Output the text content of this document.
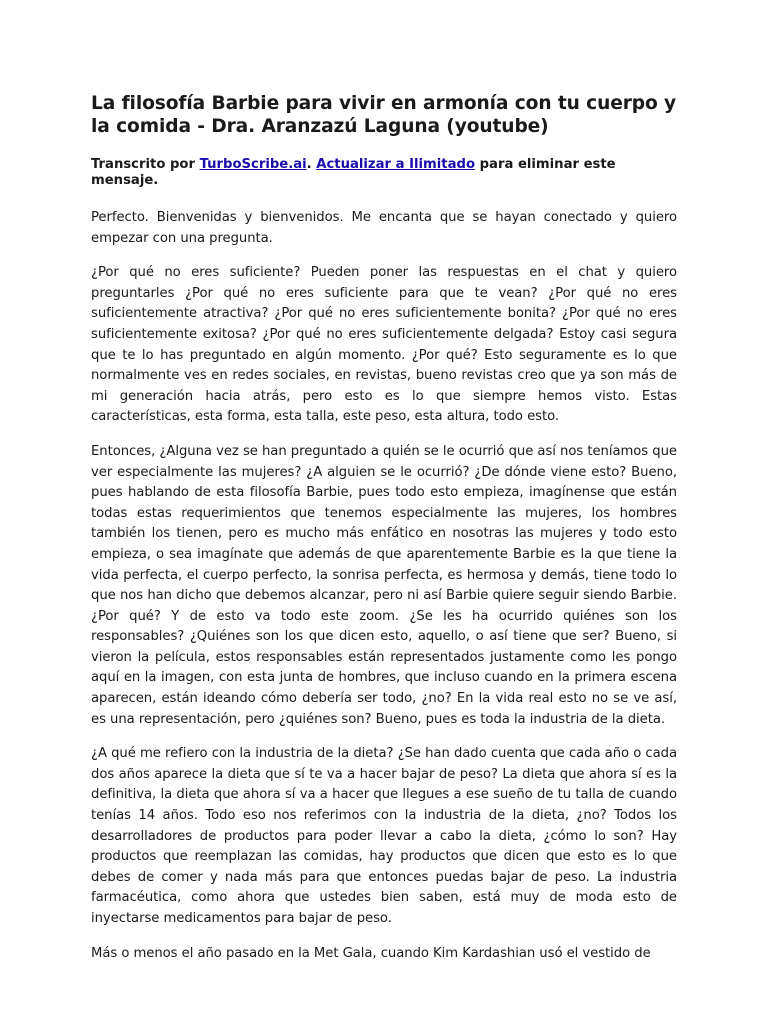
La filosofía Barbie para vivir en armonía con tu cuerpo y la comida - Dra. Aranzazú Laguna (youtube)
Transcrito por TurboScribe.ai. Actualizar a Ilimitado para eliminar este mensaje.

Perfecto. Bienvenidas y bienvenidos. Me encanta que se hayan conectado y quiero empezar con una pregunta.

¿Por qué no eres suficiente? Pueden poner las respuestas en el chat y quiero preguntarles ¿Por qué no eres suficiente para que te vean? ¿Por qué no eres suficientemente atractiva? ¿Por qué no eres suficientemente bonita? ¿Por qué no eres suficientemente exitosa? ¿Por qué no eres suficientemente delgada? Estoy casi segura que te lo has preguntado en algún momento. ¿Por qué? Esto seguramente es lo que normalmente ves en redes sociales, en revistas, bueno revistas creo que ya son más de mi generación hacia atrás, pero esto es lo que siempre hemos visto. Estas características, esta forma, esta talla, este peso, esta altura, todo esto.

Entonces, ¿Alguna vez se han preguntado a quién se le ocurrió que así nos teníamos que ver especialmente las mujeres? ¿A alguien se le ocurrió? ¿De dónde viene esto? Bueno, pues hablando de esta filosofía Barbie, pues todo esto empieza, imagínense que están todas estas requerimientos que tenemos especialmente las mujeres, los hombres también los tienen, pero es mucho más enfático en nosotras las mujeres y todo esto empieza, o sea imagínate que además de que aparentemente Barbie es la que tiene la vida perfecta, el cuerpo perfecto, la sonrisa perfecta, es hermosa y demás, tiene todo lo que nos han dicho que debemos alcanzar, pero ni así Barbie quiere seguir siendo Barbie. ¿Por qué? Y de esto va todo este zoom. ¿Se les ha ocurrido quiénes son los responsables? ¿Quiénes son los que dicen esto, aquello, o así tiene que ser? Bueno, si vieron la película, estos responsables están representados justamente como les pongo aquí en la imagen, con esta junta de hombres, que incluso cuando en la primera escena aparecen, están ideando cómo debería ser todo, ¿no? En la vida real esto no se ve así, es una representación, pero ¿quiénes son? Bueno, pues es toda la industria de la dieta.

¿A qué me refiero con la industria de la dieta? ¿Se han dado cuenta que cada año o cada dos años aparece la dieta que sí te va a hacer bajar de peso? La dieta que ahora sí es la definitiva, la dieta que ahora sí va a hacer que llegues a ese sueño de tu talla de cuando tenías 14 años. Todo eso nos referimos con la industria de la dieta, ¿no? Todos los desarrolladores de productos para poder llevar a cabo la dieta, ¿cómo lo son? Hay productos que reemplazan las comidas, hay productos que dicen que esto es lo que debes de comer y nada más para que entonces puedas bajar de peso. La industria farmacéutica, como ahora que ustedes bien saben, está muy de moda esto de inyectarse medicamentos para bajar de peso.

Más o menos el año pasado en la Met Gala, cuando Kim Kardashian usó el vestido de
